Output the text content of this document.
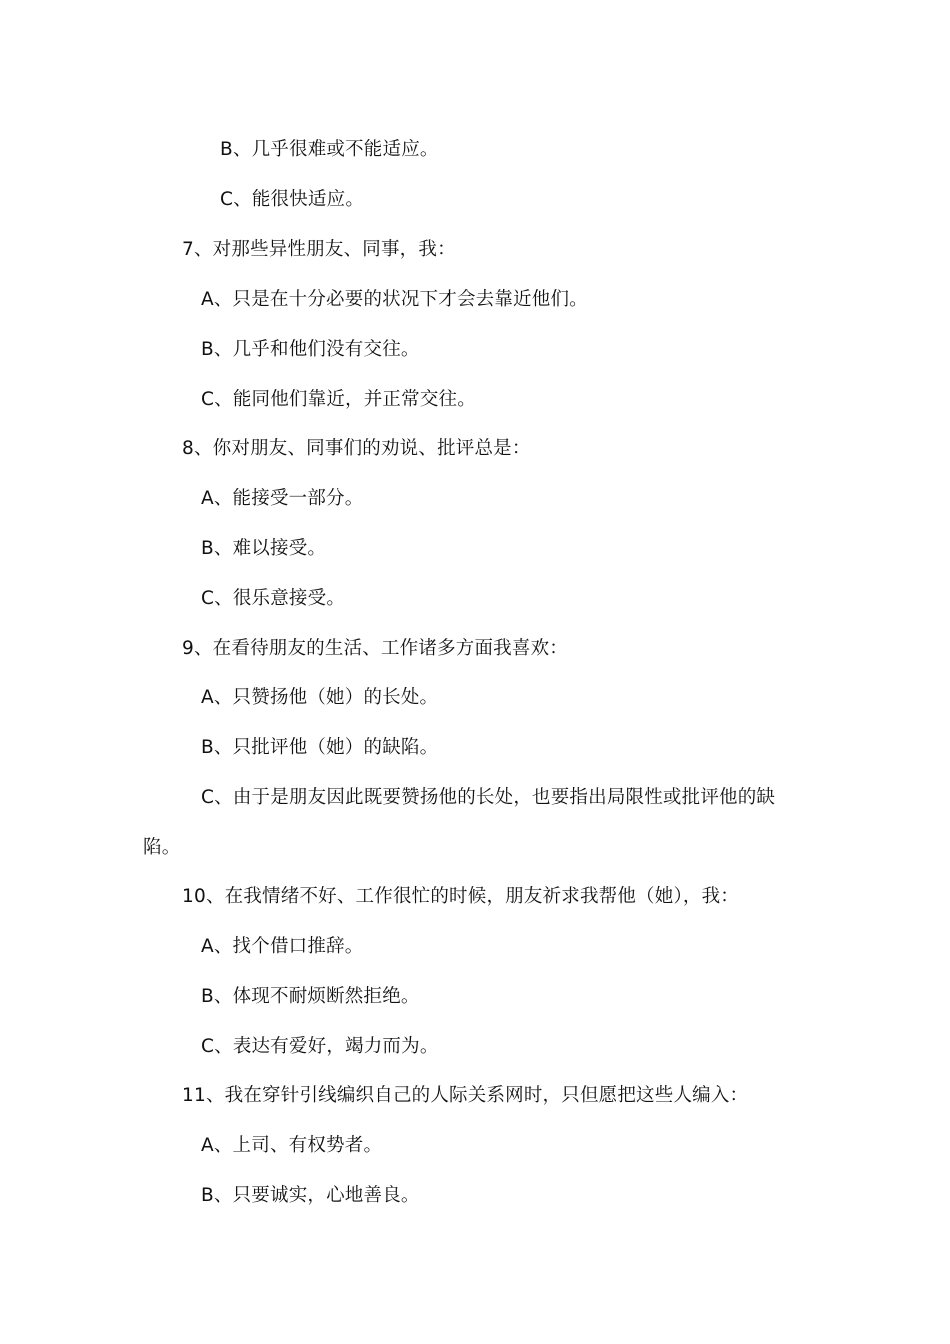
B、几乎很难或不能适应。
C、能很快适应。
7、对那些异性朋友、同事，我：
A、只是在十分必要的状况下才会去靠近他们。
B、几乎和他们没有交往。
C、能同他们靠近，并正常交往。
8、你对朋友、同事们的劝说、批评总是：
A、能接受一部分。
B、难以接受。
C、很乐意接受。
9、在看待朋友的生活、工作诸多方面我喜欢：
A、只赞扬他（她）的长处。
B、只批评他（她）的缺陷。
C、由于是朋友因此既要赞扬他的长处，也要指出局限性或批评他的缺
陷。
10、在我情绪不好、工作很忙的时候，朋友祈求我帮他（她），我：
A、找个借口推辞。
B、体现不耐烦断然拒绝。
C、表达有爱好，竭力而为。
11、我在穿针引线编织自己的人际关系网时，只但愿把这些人编入：
A、上司、有权势者。
B、只要诚实，心地善良。
